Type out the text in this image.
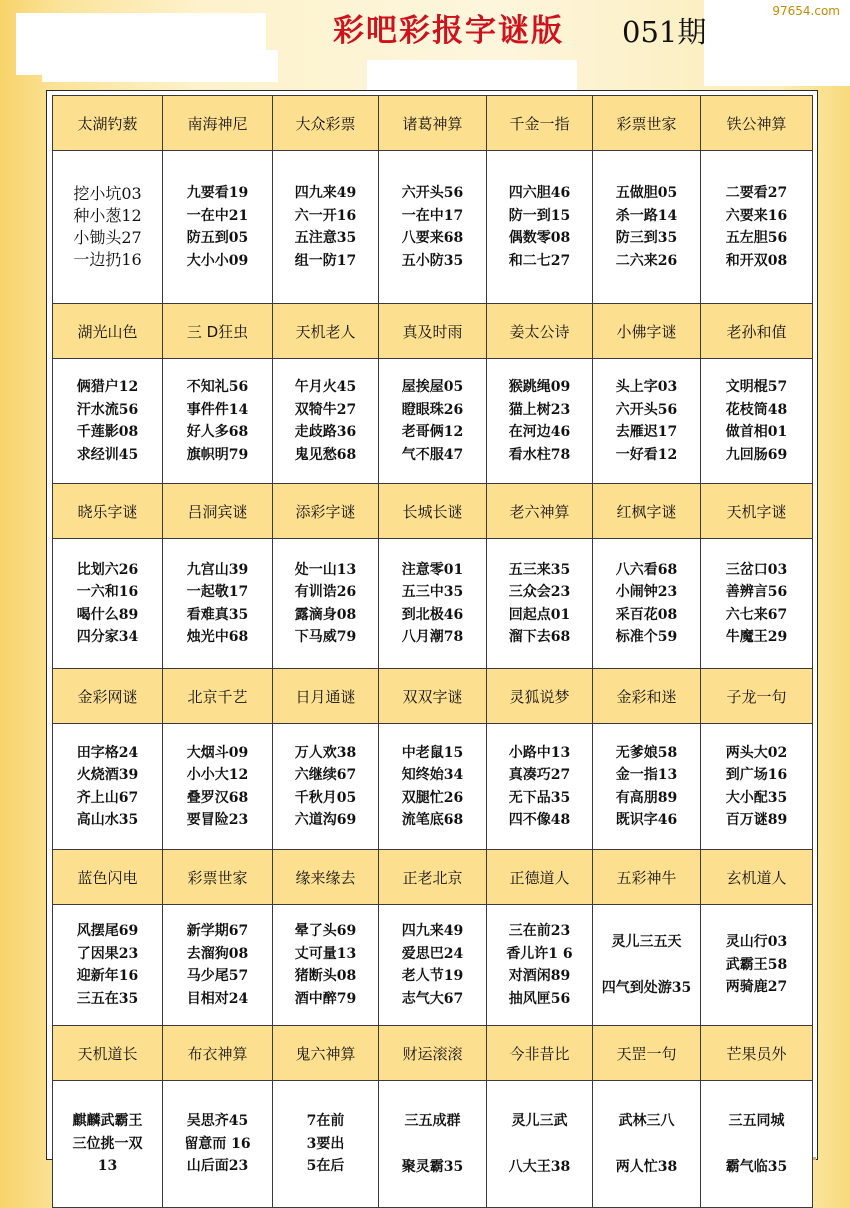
彩吧彩报字谜版 051期
97654.com
太湖钓薮	南海神尼	大众彩票	诸葛神算	千金一指	彩票世家	铁公神算

挖小坑03
种小葱12
小锄头27
一边扔16	九要看19
一在中21
防五到05
大小小09	四九来49
六一开16
五注意35
组一防17	六开头56
一在中17
八要来68
五小防35	四六胆46
防一到15
偶数零08
和二七27	五做胆05
杀一路14
防三到35
二六来26	二要看27
六要来16
五左胆56
和开双08

湖光山色	三 D狂虫	天机老人	真及时雨	姜太公诗	小佛字谜	老孙和值

俩猎户12
汗水流56
千莲影08
求经训45	不知礼56
事件件14
好人多68
旗帜明79	午月火45
双犄牛27
走歧路36
鬼见愁68	屋挨屋05
瞪眼珠26
老哥俩12
气不服47	猴跳绳09
猫上树23
在河边46
看水柱78	头上字03
六开头56
去雁迟17
一好看12	文明棍57
花枝筒48
做首相01
九回肠69

晓乐字谜	吕洞宾谜	添彩字谜	长城长谜	老六神算	红枫字谜	天机字谜

比划六26
一六和16
喝什么89
四分家34	九宫山39
一起敬17
看难真35
烛光中68	处一山13
有训诰26
露滴身08
下马威79	注意零01
五三中35
到北极46
八月潮78	五三来35
三众会23
回起点01
溜下去68	八六看68
小闹钟23
采百花08
标准个59	三岔口03
善辨言56
六七来67
牛魔王29

金彩网谜	北京千艺	日月通谜	双双字谜	灵狐说梦	金彩和迷	子龙一句

田字格24
火烧酒39
齐上山67
高山水35	大烟斗09
小小大12
叠罗汉68
要冒险23	万人欢38
六继续67
千秋月05
六道沟69	中老鼠15
知终始34
双腿忙26
流笔底68	小路中13
真凑巧27
无下品35
四不像48	无爹娘58
金一指13
有高朋89
既识字46	两头大02
到广场16
大小配35
百万谜89

蓝色闪电	彩票世家	缘来缘去	正老北京	正德道人	五彩神牛	玄机道人

风摆尾69
了因果23
迎新年16
三五在35	新学期67
去溜狗08
马少尾57
目相对24	晕了头69
丈可量13
猪断头08
酒中醉79	四九来49
爱思巴24
老人节19
志气大67	三在前23
香儿许1 6
对酒闲89
抽风匣56	灵儿三五天
四气到处游35	灵山行03
武霸王58
两骑鹿27

天机道长	布衣神算	鬼六神算	财运滚滚	今非昔比	天罡一句	芒果员外

麒麟武霸王
三位挑一双
13	吴思齐45
留意而 16
山后面23	7在前
3要出
5在后	三五成群
聚灵霸35	灵儿三武
八大王38	武林三八
两人忙38	三五同城
霸气临35
